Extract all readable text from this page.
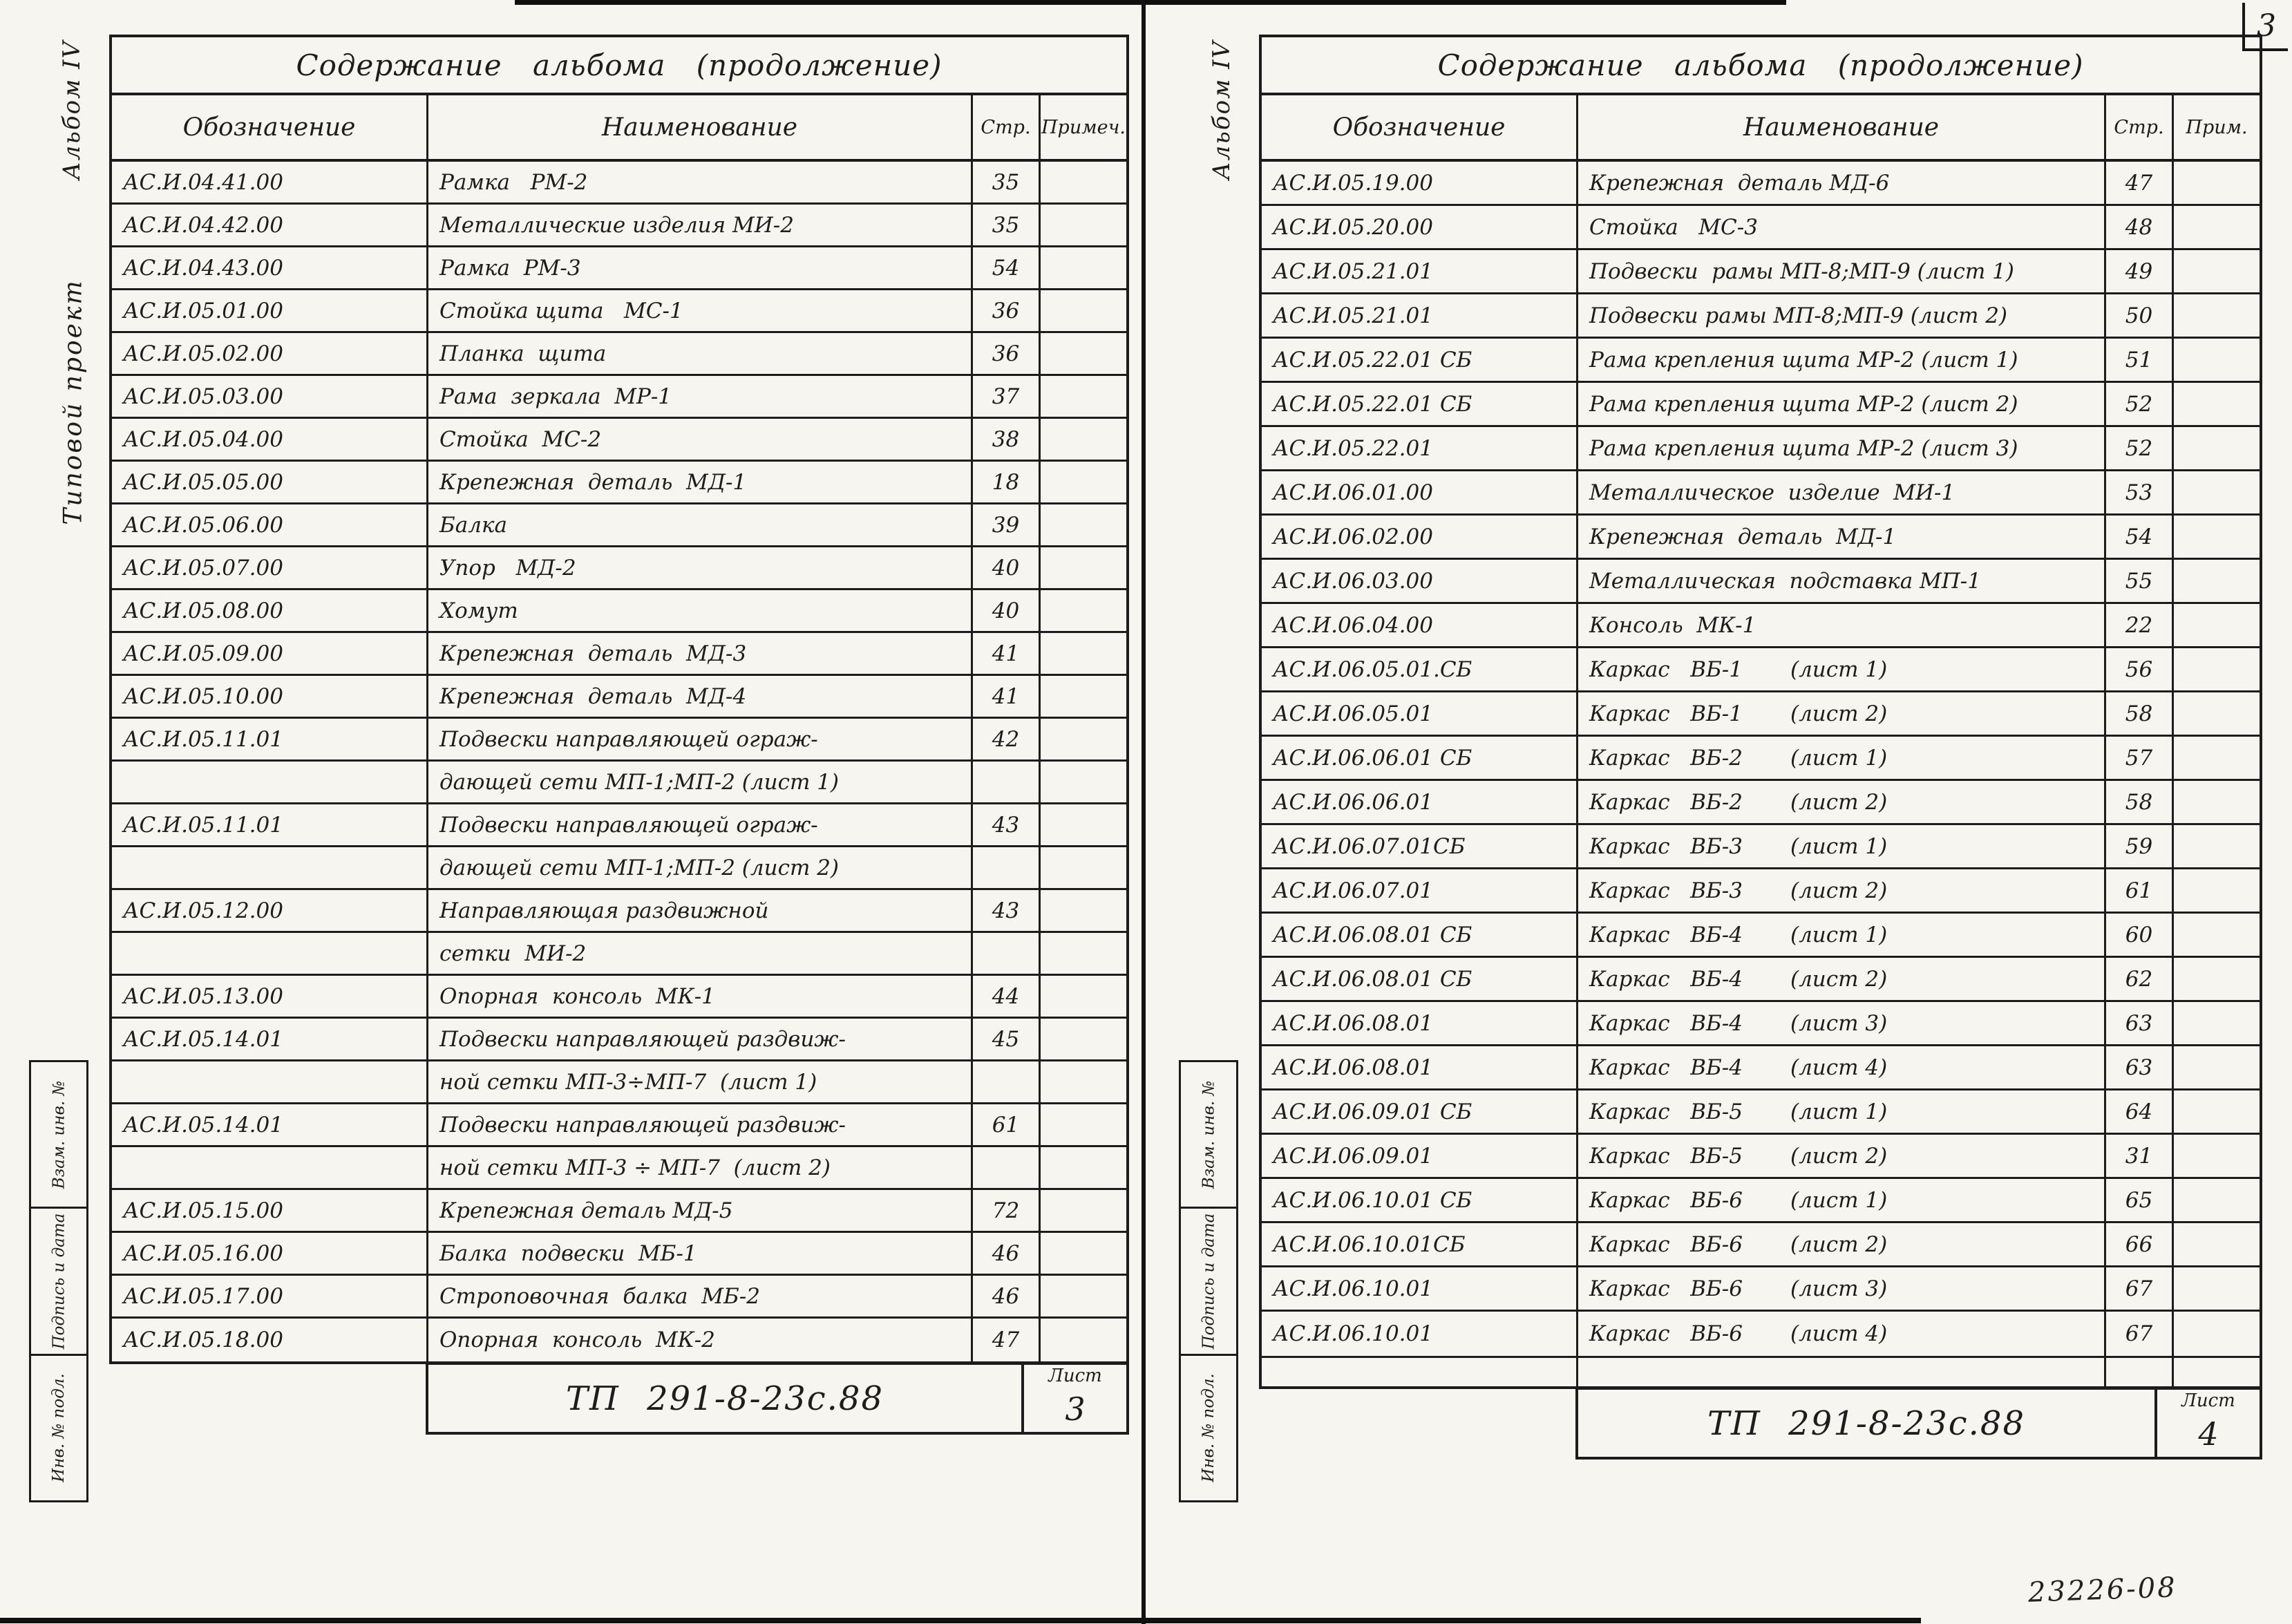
3
23226-08
Альбом IV
Типовой проект
Взам. инв. №
Подпись и дата
Инв. № подл.
Содержание альбома (продолжение)
Обозначение	Наименование	Стр. Примеч.
АС.И.04.41.00	Рамка   РМ-2	35
АС.И.04.42.00	Металлические изделия МИ-2	35
АС.И.04.43.00	Рамка  РМ-3	54
АС.И.05.01.00	Стойка щита   МС-1	36
АС.И.05.02.00	Планка  щита	36
АС.И.05.03.00	Рама  зеркала  МР-1	37
АС.И.05.04.00	Стойка  МС-2	38
АС.И.05.05.00	Крепежная  деталь  МД-1	18
АС.И.05.06.00	Балка	39
АС.И.05.07.00	Упор   МД-2	40
АС.И.05.08.00	Хомут	40
АС.И.05.09.00	Крепежная  деталь  МД-3	41
АС.И.05.10.00	Крепежная  деталь  МД-4	41
АС.И.05.11.01	Подвески направляющей ограж-	42
дающей сети МП-1;МП-2 (лист 1)
АС.И.05.11.01	Подвески направляющей ограж-	43
дающей сети МП-1;МП-2 (лист 2)
АС.И.05.12.00	Направляющая раздвижной	43
сетки  МИ-2
АС.И.05.13.00	Опорная  консоль  МК-1	44
АС.И.05.14.01	Подвески направляющей раздвиж-	45
ной сетки МП-3÷МП-7  (лист 1)
АС.И.05.14.01	Подвески направляющей раздвиж-	61
ной сетки МП-3 ÷ МП-7  (лист 2)
АС.И.05.15.00	Крепежная деталь МД-5	72
АС.И.05.16.00	Балка  подвески  МБ-1	46
АС.И.05.17.00	Строповочная  балка  МБ-2	46
АС.И.05.18.00	Опорная  консоль  МК-2	47
ТП 291-8-23с.88
Лист
3
Альбом IV
Взам. инв. №
Подпись и дата
Инв. № подл.
Содержание альбома (продолжение)
Обозначение	Наименование	Стр.	Прим.
АС.И.05.19.00	Крепежная  деталь МД-6	47
АС.И.05.20.00	Стойка   МС-3	48
АС.И.05.21.01	Подвески  рамы МП-8;МП-9 (лист 1)	49
АС.И.05.21.01	Подвески рамы МП-8;МП-9 (лист 2)	50
АС.И.05.22.01 СБ	Рама крепления щита МР-2 (лист 1)	51
АС.И.05.22.01 СБ	Рама крепления щита МР-2 (лист 2)	52
АС.И.05.22.01	Рама крепления щита МР-2 (лист 3)	52
АС.И.06.01.00	Металлическое  изделие  МИ-1	53
АС.И.06.02.00	Крепежная  деталь  МД-1	54
АС.И.06.03.00	Металлическая  подставка МП-1	55
АС.И.06.04.00	Консоль  МК-1	22
АС.И.06.05.01.СБ	Каркас   ВБ-1       (лист 1)	56
АС.И.06.05.01	Каркас   ВБ-1       (лист 2)	58
АС.И.06.06.01 СБ	Каркас   ВБ-2       (лист 1)	57
АС.И.06.06.01	Каркас   ВБ-2       (лист 2)	58
АС.И.06.07.01СБ	Каркас   ВБ-3       (лист 1)	59
АС.И.06.07.01	Каркас   ВБ-3       (лист 2)	61
АС.И.06.08.01 СБ	Каркас   ВБ-4       (лист 1)	60
АС.И.06.08.01 СБ	Каркас   ВБ-4       (лист 2)	62
АС.И.06.08.01	Каркас   ВБ-4       (лист 3)	63
АС.И.06.08.01	Каркас   ВБ-4       (лист 4)	63
АС.И.06.09.01 СБ	Каркас   ВБ-5       (лист 1)	64
АС.И.06.09.01	Каркас   ВБ-5       (лист 2)	31
АС.И.06.10.01 СБ	Каркас   ВБ-6       (лист 1)	65
АС.И.06.10.01СБ	Каркас   ВБ-6       (лист 2)	66
АС.И.06.10.01	Каркас   ВБ-6       (лист 3)	67
АС.И.06.10.01	Каркас   ВБ-6       (лист 4)	67
ТП 291-8-23с.88
Лист
4
